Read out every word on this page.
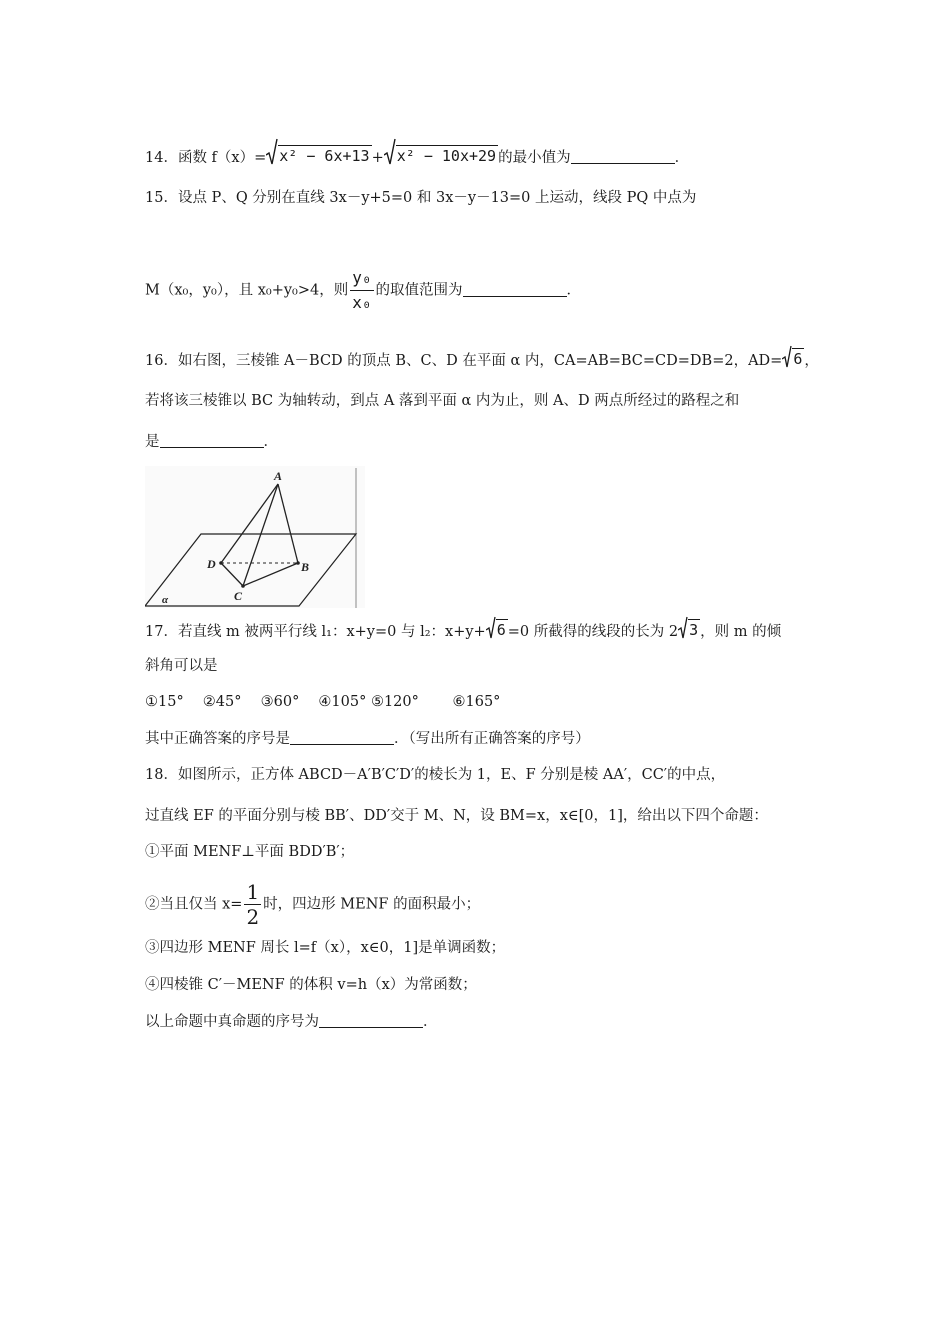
14．函数 f（x）= x² − 6x+13 + x² − 10x+29 的最小值为	．
15．设点 P、Q 分别在直线 3x－y+5=0 和 3x－y－13=0 上运动，线段 PQ 中点为
M（x₀，y₀），且 x₀+y₀>4，则 $\frac{\text{y₀}}{\text{x₀}}$ 的取值范围为	．
16．如右图，三棱锥 A－BCD 的顶点 B、C、D 在平面 α 内，CA=AB=BC=CD=DB=2，AD= 6 ，
若将该三棱锥以 BC 为轴转动，到点 A 落到平面 α 内为止，则 A、D 两点所经过的路程之和
是	．
A
B
C
D
α
17．若直线 m 被两平行线 l₁：x+y=0 与 l₂：x+y+ 6 =0 所截得的线段的长为 2 3 ，则 m 的倾
斜角可以是
①15°　 ②45°　 ③60°　 ④105° ⑤120°　　 ⑥165°
其中正确答案的序号是	．（写出所有正确答案的序号）
18．如图所示，正方体 ABCD－A′B′C′D′的棱长为 1，E、F 分别是棱 AA′，CC′的中点，
过直线 EF 的平面分别与棱 BB′、DD′交于 M、N，设 BM=x，x∈[0，1]，给出以下四个命题：
①平面 MENF⊥平面 BDD′B′；
②当且仅当 $x= \frac{1}{2}$ 时，四边形 MENF 的面积最小；
③四边形 MENF 周长 l=f（x），x∈0，1]是单调函数；
④四棱锥 C′－MENF 的体积 v=h（x）为常函数；
以上命题中真命题的序号为	．
